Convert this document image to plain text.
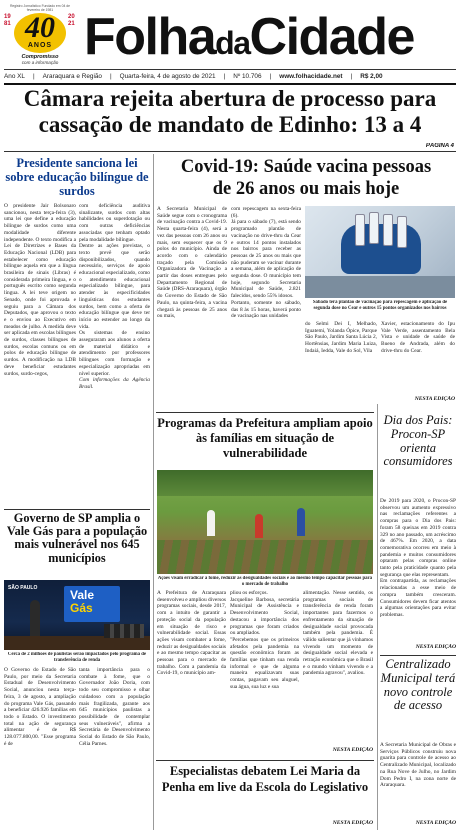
Registro Jornalístico Fundado em 04 de fevereiro de 1981
1981
2021
40
ANOS
Compromisso
com a informação FolhadaCidade
Ano XL | Araraquara e Região | Quarta-feira, 4 de agosto de 2021 | Nº 10.706 | www.folhacidade.net | R$ 2,00
Câmara rejeita abertura de processo para
cassação de mandato de Edinho: 13 a 4
PÁGINA 4
Presidente sanciona lei sobre educação bilíngue de surdos
O presidente Jair Bolsonaro sancionou, nesta terça-feira (3), uma lei que define a educação bilíngue de surdos como uma modalidade diferente independente. O texto modifica a Lei de Diretrizes e Bases da Educação Nacional (LDB) para estabelecer como educação bilíngue aquela em que a língua brasileira de sinais (Libras) é considerada primeira língua, e o português escrito como segunda língua. A lei teve origem no Senado, onde foi aprovada e seguiu para a Câmara dos Deputados, que aprovou o texto e o enviou ao Executivo em meados de julho. A medida deve ser aplicada em escolas bilíngues de surdos, classes bilíngues de surdos, escolas comuns ou em polos de educação bilíngue de surdos. A modificação na LDB deve beneficiar estudantes surdos, surdo-cegos,
com deficiência auditiva sinalizante, surdos com altas habilidades ou superdotação ou com outras deficiências associadas que tenham optado pela modalidade bilíngue.
Dentre as ações previstas, o texto prevê que serão disponibilizados, quando necessário, serviços de apoio educacional especializado, como o atendimento educacional especializado bilíngue, para atender às especificidades linguísticas dos estudantes surdos, bem como a oferta de educação bilíngue que deve ter início ao estender ao longo da vida.
Os sistemas de ensino asseguraram aos alunos a oferta de material didático e atendimento por professores bilíngues com formação e especialização apropriadas em nível superior.
Com informações da Agência Brasil.
Governo de SP amplia o Vale Gás para a população mais vulnerável nos 645 municípios
SÃO PAULO	Vale
Gás
Cerca de 2 milhões de paulistas serão impactados pelo programa de transferência de renda
O Governo do Estado de São Paulo, por meio da Secretaria Estadual de Desenvolvimento Social, anunciou nesta terça-feira, 3 de agosto, a ampliação do programa Vale Gás, passando a beneficiar 426.926 famílias em todo o Estado. O investimento total na ação de segurança alimentar é de R$ 128.077.800,00. "Esse programa é de
tanta importância para o combate à fome, que o Governador João Doria, com todo seu compromisso e olhar cuidadoso com a população mais fragilizada, garante aos 645 municípios paulistas a possibilidade de contemplar seus vulneráveis", afirma a Secretária de Desenvolvimento Social do Estado de São Paulo, Célia Parnes.
Covid-19: Saúde vacina pessoas
de 26 anos ou mais hoje
A Secretaria Municipal de Saúde segue com o cronograma de vacinação contra a Covid-19. Nesta quarta-feira (4), será a vez das pessoas com 26 anos ou mais, sem esquecer que os 9 polos do município. Ainda de acordo com o calendário traçado pela Comissão Organizadora de Vacinação a partir das doses entregues pelo Departamento Regional de Saúde (DRS-Araraquara), órgão do Governo do Estado de São Paulo, na quinta-feira, a vacina chegará às pessoas de 25 anos ou mais,
com repescagem na sexta-feira (6).
Já para o sábado (7), está sendo programado plantão de vacinação no drive-thru da Cear e outros 14 pontos instalados nos bairros para receber as pessoas de 25 anos ou mais que não puderam se vacinar durante a semana, além de aplicação de segunda dose. O município tem hoje, segundo Secretaria Municipal de Saúde, 2.821 falecidos, sendo 55% idosos.
Portanto, somente no sábado, das 8 às 15 horas, haverá ponto de vacinação nas unidades
Sábado terá plantão de vacinação para repescagem e aplicação de segunda dose no Cear e outros 15 pontos organizados nos bairros
do Selmi Dei I, Melhado, Iguatemi, Yolanda Ópice, Parque São Paulo, Jardim Santa Lúcia 2, Hortênsias, Jardim Maria Luiza, Indaiá, Iedda, Vale do Sol, Vila
Xavier, estacionamento do Ipu Vale Verde, assentamento Bela Vista e unidade de saúde de Bueno de Andrada, além do drive-thru do Cear.
NESTA EDIÇÃO
Programas da Prefeitura ampliam apoio às famílias em situação de vulnerabilidade
Ações visam erradicar a fome, reduzir as desigualdades sociais e ao mesmo tempo capacitar pessoas para o mercado de trabalho
A Prefeitura de Araraquara desenvolveu e ampliou diversos programas sociais, desde 2017, com a intuito de garantir a proteção social da população em situação de risco e vulnerabilidade social. Essas ações visam combater a fome, reduzir as desigualdades sociais e ao mesmo tempo capacitar as pessoas para o mercado de trabalho. Com a pandemia da Covid-19, o município am-
pliou os esforços.
Jacqueline Barbosa, secretária Municipal de Assistência e Desenvolvimento Social, destacou a importância dos programas que foram criados ou ampliados.
"Percebemos que os primeiros afetados pela pandemia na questão econômica foram as famílias que tinham sua renda informal e que de alguma maneira equalizavam suas contas, pagavam seu aluguel, sua água, sua luz e sua
alimentação. Nesse sentido, os programas sociais de transferência de renda foram importantes para fazermos o enfrentamento da situação de desigualdade social provocada também pela pandemia. É válido salientar que já vínhamos vivendo um momento de desigualdade social elevada e retração econômica que o Brasil e o mundo vinham vivendo e a pandemia agravou", avaliou.
NESTA EDIÇÃO
Especialistas debatem Lei Maria da Penha em live da Escola do Legislativo
NESTA EDIÇÃO
Dia dos Pais: Procon-SP orienta consumidores
De 2019 para 2020, o Procon-SP observou um aumento expressivo nas reclamações referentes a compras para o Dia dos Pais: foram 58 queixas em 2019 contra 329 no ano passado, um acréscimo de 467%. Em 2020, a data comemorativa ocorreu em meio à pandemia e muitos consumidores optaram pelas compras online tanto pela praticidade quanto pela segurança que elas representam.
Em contrapartida, as reclamações relacionadas a esse meio de compra também cresceram. Consumidores devem ficar atentos a algumas orientações para evitar problemas.
NESTA EDIÇÃO
Centralizado Municipal terá novo controle de acesso
A Secretaria Municipal de Obras e Serviços Públicos construiu nova guarita para controle de acesso ao Centralizado Municipal, localizado na Rua Nove de Julho, no Jardim Dom Pedro I, na zona norte de Araraquara.
NESTA EDIÇÃO
